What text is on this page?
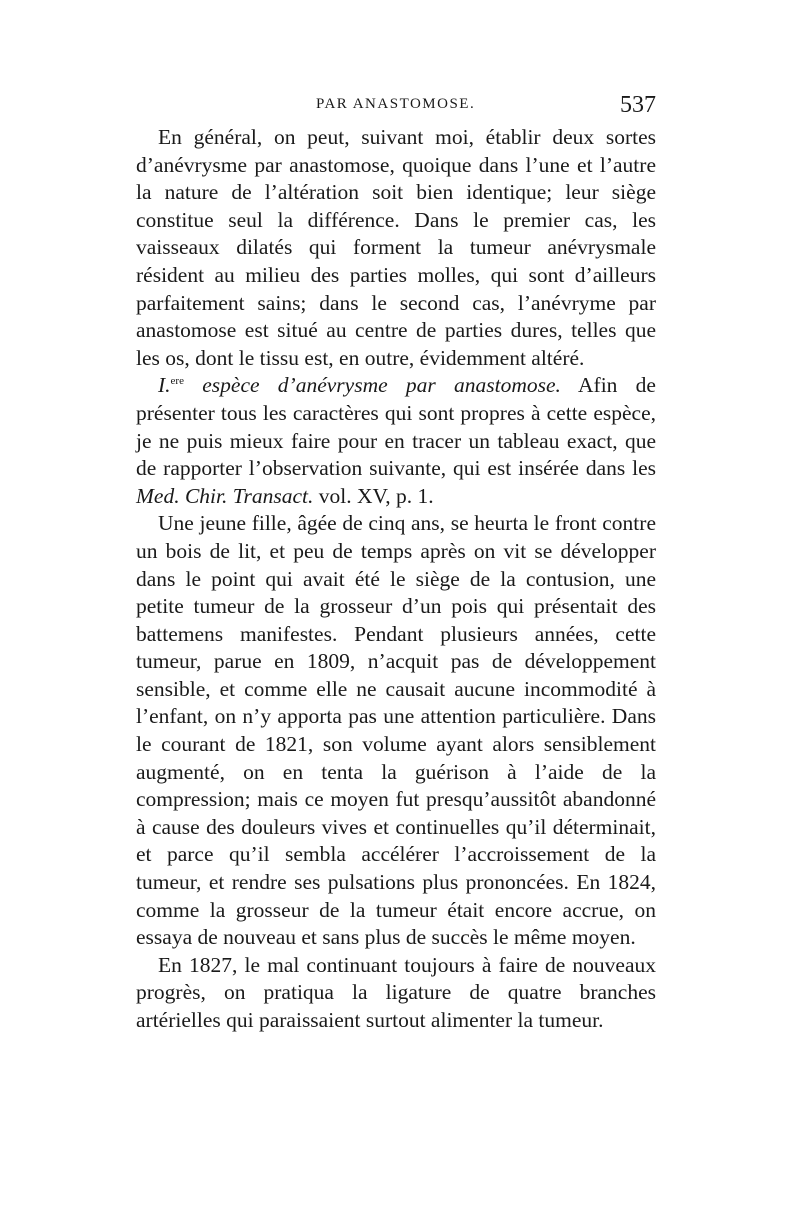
PAR ANASTOMOSE.	537

En général, on peut, suivant moi, établir deux sortes d’anévrysme par anastomose, quoique dans l’une et l’autre la nature de l’altération soit bien identique; leur siège constitue seul la différence. Dans le premier cas, les vaisseaux dilatés qui forment la tumeur anévrysmale résident au milieu des parties molles, qui sont d’ailleurs parfaitement sains; dans le second cas, l’anévryme par anastomose est situé au centre de parties dures, telles que les os, dont le tissu est, en outre, évidemment altéré.

I.$^{ere}$ espèce d’anévrysme par anastomose. Afin de présenter tous les caractères qui sont propres à cette espèce, je ne puis mieux faire pour en tracer un tableau exact, que de rapporter l’observation suivante, qui est insérée dans les Med. Chir. Transact. vol. XV, p. 1.

Une jeune fille, âgée de cinq ans, se heurta le front contre un bois de lit, et peu de temps après on vit se développer dans le point qui avait été le siège de la contusion, une petite tumeur de la grosseur d’un pois qui présentait des battemens manifestes. Pendant plusieurs années, cette tumeur, parue en 1809, n’acquit pas de développement sensible, et comme elle ne causait aucune incommodité à l’enfant, on n’y apporta pas une attention particulière. Dans le courant de 1821, son volume ayant alors sensiblement augmenté, on en tenta la guérison à l’aide de la compression; mais ce moyen fut presqu’aussitôt abandonné à cause des douleurs vives et continuelles qu’il déterminait, et parce qu’il sembla accélérer l’accroissement de la tumeur, et rendre ses pulsations plus prononcées. En 1824, comme la grosseur de la tumeur était encore accrue, on essaya de nouveau et sans plus de succès le même moyen.

En 1827, le mal continuant toujours à faire de nouveaux progrès, on pratiqua la ligature de quatre branches artérielles qui paraissaient surtout alimenter la tumeur.
